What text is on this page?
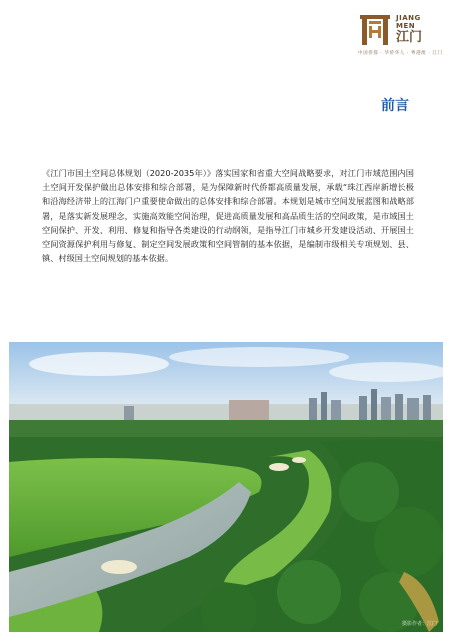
JIANG MEN
江门
中国侨都 · 华侨华人 · 粤港澳 · 江门
前言

《江门市国土空间总体规划（2020-2035年）》落实国家和省重大空间战略要求，对江门市域范围内国土空间开发保护做出总体安排和综合部署，是为保障新时代侨都高质量发展，承载“珠江西岸新增长极和沿海经济带上的江海门户重要使命做出的总体安排和综合部署。本规划是城市空间发展蓝图和战略部署，是落实新发展理念，实施高效能空间治理，促进高质量发展和高品质生活的空间政策，是市域国土空间保护、开发、利用、修复和指导各类建设的行动纲领，是指导江门市城乡开发建设活动、开展国土空间资源保护利用与修复、制定空间发展政策和空间管制的基本依据，是编制市级相关专项规划、县、镇、村级国土空间规划的基本依据。

摄影作者：江门
